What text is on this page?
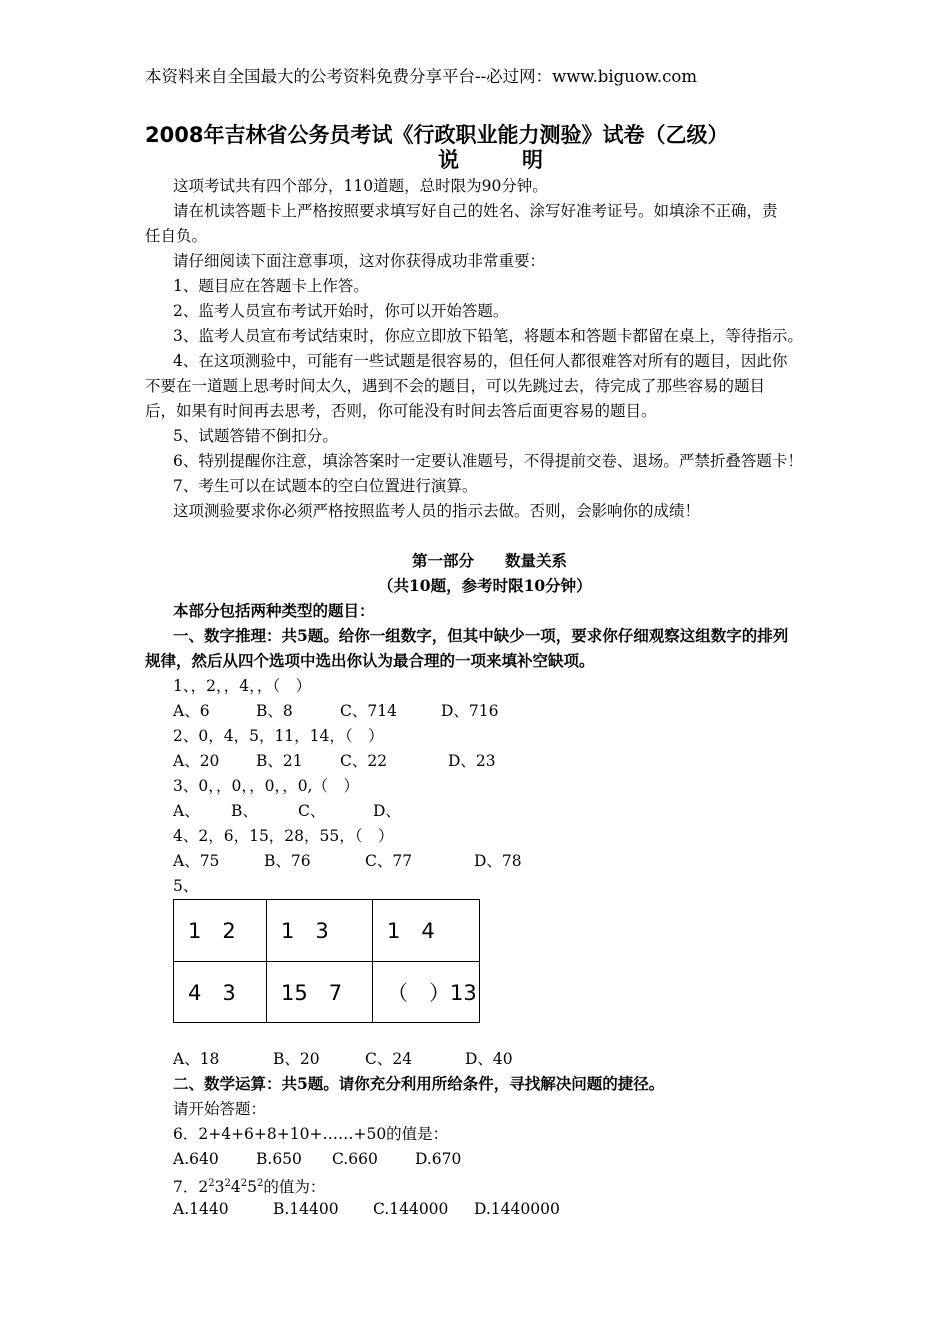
本资料来自全国最大的公考资料免费分享平台--必过网：www.biguow.com
2008年吉林省公务员考试《行政职业能力测验》试卷（乙级）
说　　　明
这项考试共有四个部分，110道题，总时限为90分钟。
请在机读答题卡上严格按照要求填写好自己的姓名、涂写好准考证号。如填涂不正确，责
任自负。
请仔细阅读下面注意事项，这对你获得成功非常重要：
1、题目应在答题卡上作答。
2、监考人员宣布考试开始时，你可以开始答题。
3、监考人员宣布考试结束时，你应立即放下铅笔，将题本和答题卡都留在桌上，等待指示。
4、在这项测验中，可能有一些试题是很容易的，但任何人都很难答对所有的题目，因此你
不要在一道题上思考时间太久，遇到不会的题目，可以先跳过去，待完成了那些容易的题目
后，如果有时间再去思考，否则，你可能没有时间去答后面更容易的题目。
5、试题答错不倒扣分。
6、特别提醒你注意，填涂答案时一定要认准题号，不得提前交卷、退场。严禁折叠答题卡！
7、考生可以在试题本的空白位置进行演算。
这项测验要求你必须严格按照监考人员的指示去做。否则，会影响你的成绩！
第一部分　　数量关系
（共10题，参考时限10分钟）
本部分包括两种类型的题目：
一、数字推理：共5题。给你一组数字，但其中缺少一项，要求你仔细观察这组数字的排列
规律，然后从四个选项中选出你认为最合理的一项来填补空缺项。
1、，2，，4，，（　）
A、6	B、8	C、714	D、716
2、0，4，5，11，14，（　）
A、20 B、21 C、22	D、23
3、0，，0，，0，，0,（　）
A、 B、	C、	D、
4、2，6，15，28，55，（　）
A、75	B、76	C、77	D、78
5、
1　2	1　3	1　4
4　3	15　7	（　）13
A、18	B、20	C、24	D、40
二、数学运算：共5题。请你充分利用所给条件，寻找解决问题的捷径。
请开始答题：
6．2+4+6+8+10+……+50的值是：
A.640 B.650 C.660 D.670
7．$2^23^24^25^2$的值为：
A.1440	B.14400 C.144000 D.1440000
